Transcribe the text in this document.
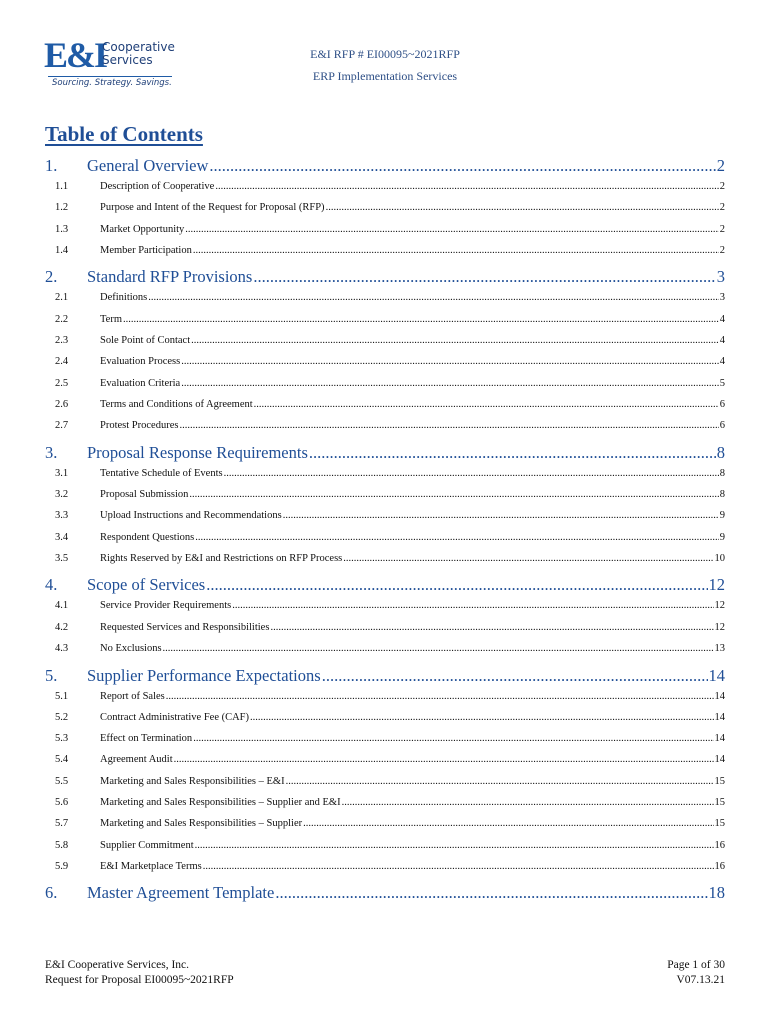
E&I
Cooperative
Services
Sourcing. Strategy. Savings.
E&I RFP # EI00095~2021RFP
ERP Implementation Services
Table of Contents
1.	General Overview .....	2
1.1	Description of Cooperative .....	2
1.2	Purpose and Intent of the Request for Proposal (RFP) .....	2
1.3	Market Opportunity .....	2
1.4	Member Participation .....	2
2.	Standard RFP Provisions .....	3
2.1	Definitions .....	3
2.2	Term .....	4
2.3	Sole Point of Contact .....	4
2.4	Evaluation Process .....	4
2.5	Evaluation Criteria .....	5
2.6	Terms and Conditions of Agreement .....	6
2.7	Protest Procedures .....	6
3.	Proposal Response Requirements .....	8
3.1	Tentative Schedule of Events .....	8
3.2	Proposal Submission .....	8
3.3	Upload Instructions and Recommendations .....	9
3.4	Respondent Questions .....	9
3.5	Rights Reserved by E&I and Restrictions on RFP Process .....	10
4.	Scope of Services .....	12
4.1	Service Provider Requirements .....	12
4.2	Requested Services and Responsibilities .....	12
4.3	No Exclusions .....	13
5.	Supplier Performance Expectations .....	14
5.1	Report of Sales .....	14
5.2	Contract Administrative Fee (CAF) .....	14
5.3	Effect on Termination .....	14
5.4	Agreement Audit .....	14
5.5	Marketing and Sales Responsibilities – E&I .....	15
5.6	Marketing and Sales Responsibilities – Supplier and E&I .....	15
5.7	Marketing and Sales Responsibilities – Supplier .....	15
5.8	Supplier Commitment .....	16
5.9	E&I Marketplace Terms .....	16
6.	Master Agreement Template .....	18
E&I Cooperative Services, Inc.
Request for Proposal EI00095~2021RFP
Page 1 of 30
V07.13.21
